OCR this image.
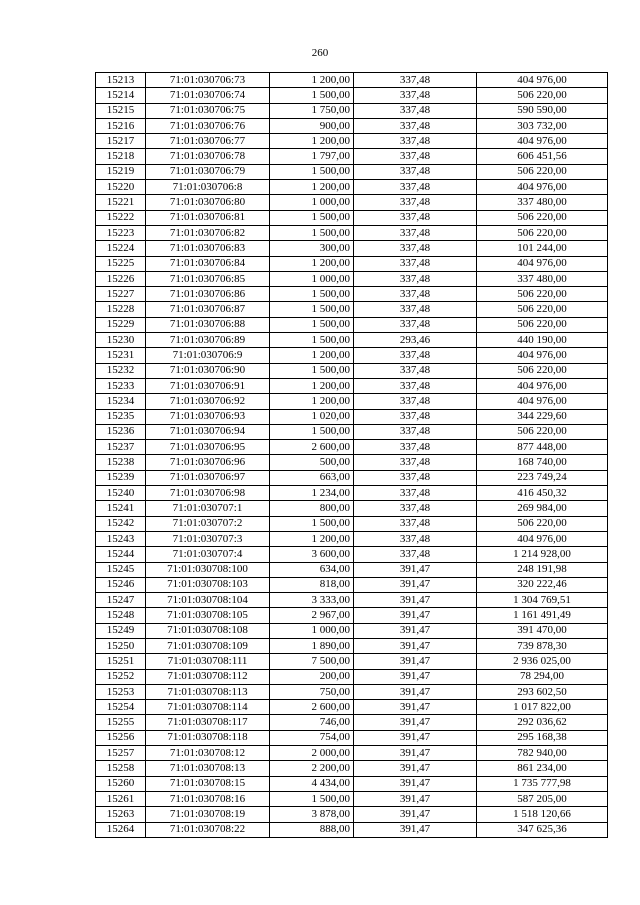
260
15213	71:01:030706:73	1 200,00	337,48	404 976,00
15214	71:01:030706:74	1 500,00	337,48	506 220,00
15215	71:01:030706:75	1 750,00	337,48	590 590,00
15216	71:01:030706:76	900,00	337,48	303 732,00
15217	71:01:030706:77	1 200,00	337,48	404 976,00
15218	71:01:030706:78	1 797,00	337,48	606 451,56
15219	71:01:030706:79	1 500,00	337,48	506 220,00
15220	71:01:030706:8	1 200,00	337,48	404 976,00
15221	71:01:030706:80	1 000,00	337,48	337 480,00
15222	71:01:030706:81	1 500,00	337,48	506 220,00
15223	71:01:030706:82	1 500,00	337,48	506 220,00
15224	71:01:030706:83	300,00	337,48	101 244,00
15225	71:01:030706:84	1 200,00	337,48	404 976,00
15226	71:01:030706:85	1 000,00	337,48	337 480,00
15227	71:01:030706:86	1 500,00	337,48	506 220,00
15228	71:01:030706:87	1 500,00	337,48	506 220,00
15229	71:01:030706:88	1 500,00	337,48	506 220,00
15230	71:01:030706:89	1 500,00	293,46	440 190,00
15231	71:01:030706:9	1 200,00	337,48	404 976,00
15232	71:01:030706:90	1 500,00	337,48	506 220,00
15233	71:01:030706:91	1 200,00	337,48	404 976,00
15234	71:01:030706:92	1 200,00	337,48	404 976,00
15235	71:01:030706:93	1 020,00	337,48	344 229,60
15236	71:01:030706:94	1 500,00	337,48	506 220,00
15237	71:01:030706:95	2 600,00	337,48	877 448,00
15238	71:01:030706:96	500,00	337,48	168 740,00
15239	71:01:030706:97	663,00	337,48	223 749,24
15240	71:01:030706:98	1 234,00	337,48	416 450,32
15241	71:01:030707:1	800,00	337,48	269 984,00
15242	71:01:030707:2	1 500,00	337,48	506 220,00
15243	71:01:030707:3	1 200,00	337,48	404 976,00
15244	71:01:030707:4	3 600,00	337,48	1 214 928,00
15245	71:01:030708:100	634,00	391,47	248 191,98
15246	71:01:030708:103	818,00	391,47	320 222,46
15247	71:01:030708:104	3 333,00	391,47	1 304 769,51
15248	71:01:030708:105	2 967,00	391,47	1 161 491,49
15249	71:01:030708:108	1 000,00	391,47	391 470,00
15250	71:01:030708:109	1 890,00	391,47	739 878,30
15251	71:01:030708:111	7 500,00	391,47	2 936 025,00
15252	71:01:030708:112	200,00	391,47	78 294,00
15253	71:01:030708:113	750,00	391,47	293 602,50
15254	71:01:030708:114	2 600,00	391,47	1 017 822,00
15255	71:01:030708:117	746,00	391,47	292 036,62
15256	71:01:030708:118	754,00	391,47	295 168,38
15257	71:01:030708:12	2 000,00	391,47	782 940,00
15258	71:01:030708:13	2 200,00	391,47	861 234,00
15260	71:01:030708:15	4 434,00	391,47	1 735 777,98
15261	71:01:030708:16	1 500,00	391,47	587 205,00
15263	71:01:030708:19	3 878,00	391,47	1 518 120,66
15264	71:01:030708:22	888,00	391,47	347 625,36
